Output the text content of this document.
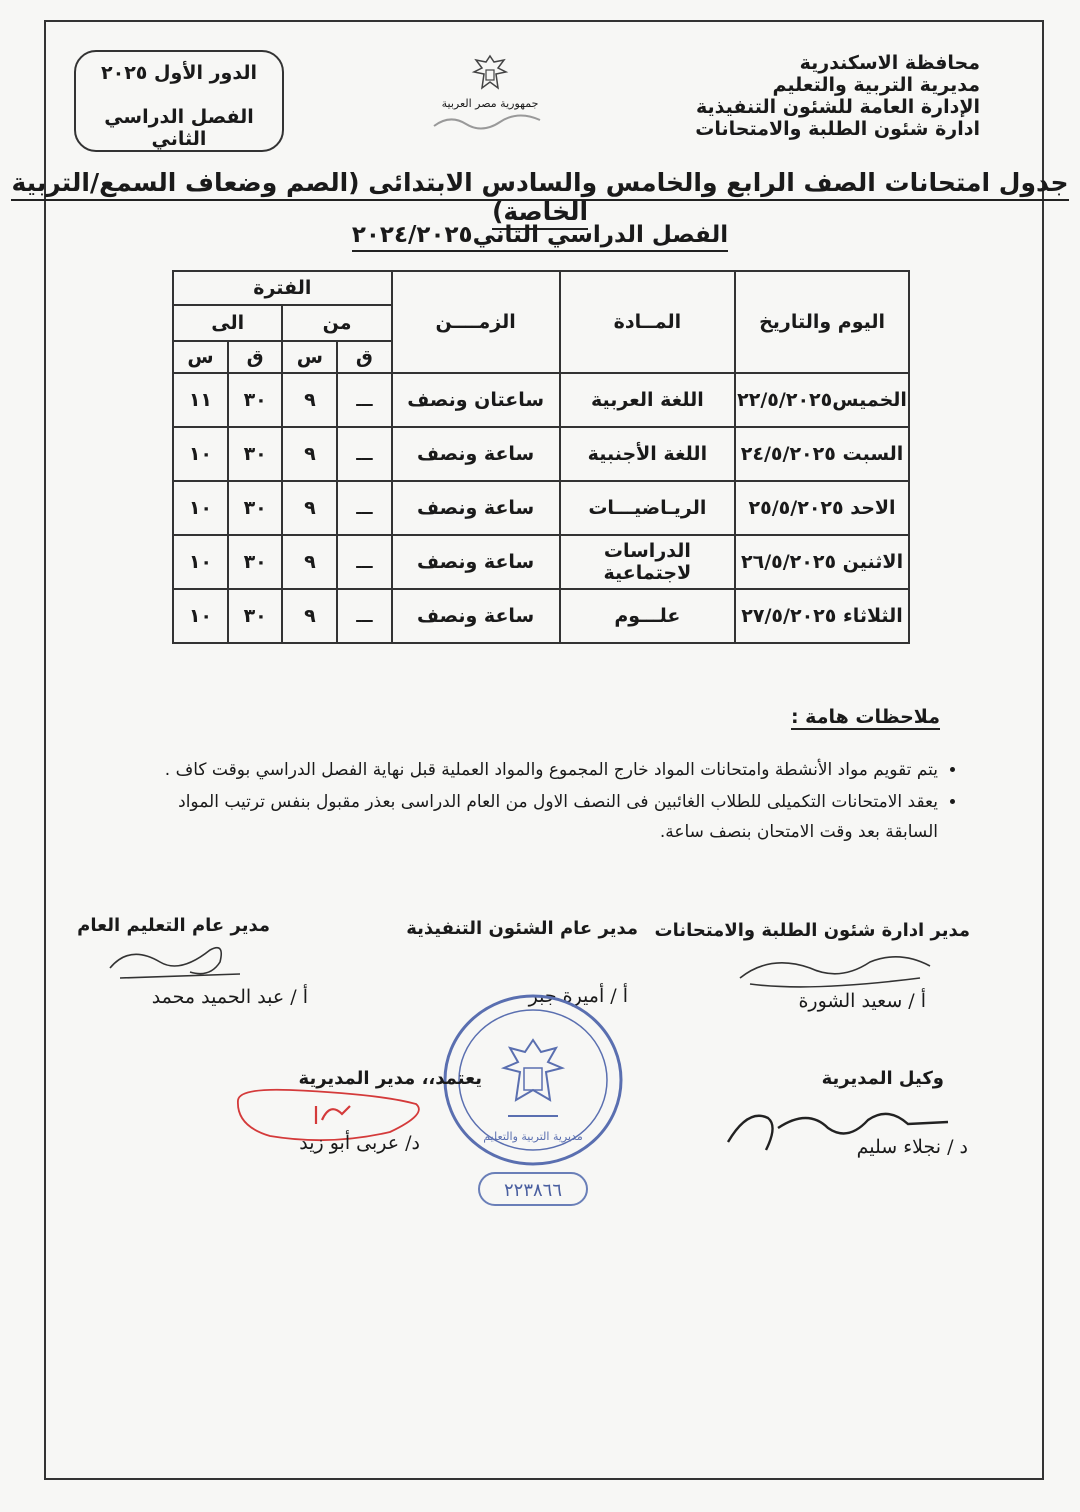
محافظة الاسكندرية
مديرية التربية والتعليم
الإدارة العامة للشئون التنفيذية
ادارة شئون الطلبة والامتحانات
جمهورية مصر العربية
الدور الأول ٢٠٢٥
الفصل الدراسي الثاني
جدول امتحانات الصف الرابع والخامس والسادس الابتدائى (الصم وضعاف السمع/التربية الخاصة)
الفصل الدراسي الثاني٢٠٢٤/٢٠٢٥
اليوم والتاريخ	المــادة	الزمــــن	الفترة			
			من		الى	
			ق	س	ق	س
الخميس٢٢/٥/٢٠٢٥	اللغة العربية	ساعتان ونصف	ـــ	٩	٣٠	١١
السبت ٢٤/٥/٢٠٢٥	اللغة الأجنبية	ساعة ونصف	ـــ	٩	٣٠	١٠
الاحد ٢٥/٥/٢٠٢٥	الريـاضيـــات	ساعة ونصف	ـــ	٩	٣٠	١٠
الاثنين ٢٦/٥/٢٠٢٥	الدراسات لاجتماعية	ساعة ونصف	ـــ	٩	٣٠	١٠
الثلاثاء ٢٧/٥/٢٠٢٥	علـــوم	ساعة ونصف	ـــ	٩	٣٠	١٠
ملاحظات هامة :
• يتم تقويم مواد الأنشطة وامتحانات المواد خارج المجموع والمواد العملية قبل نهاية الفصل الدراسي بوقت كاف .
• يعقد الامتحانات التكميلى للطلاب الغائبين فى النصف الاول من العام الدراسى بعذر مقبول بنفس ترتيب المواد السابقة بعد وقت الامتحان بنصف ساعة.
مدير ادارة شئون الطلبة والامتحانات
أ / سعيد الشورة
مدير عام الشئون التنفيذية
أ / أميرة جبر
مدير عام التعليم العام
أ / عبد الحميد محمد
مديرية التربية والتعليم
٢٢٣٨٦٦
وكيل المديرية
د / نجلاء سليم
يعتمد،، مدير المديرية
د/ عربى أبو زيد
